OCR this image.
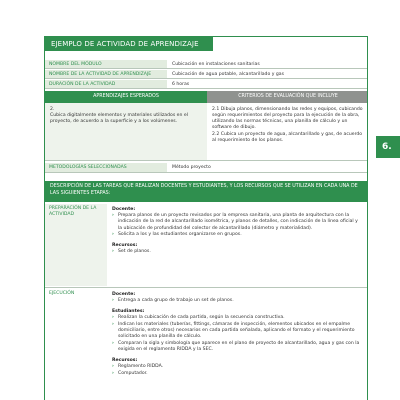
6.
EJEMPLO DE ACTIVIDAD DE APRENDIZAJE
NOMBRE DEL MÓDULO	Cubicación en instalaciones sanitarias
NOMBRE DE LA ACTIVIDAD DE APRENDIZAJE	Cubicación de agua potable, alcantarillado y gas
DURACIÓN DE LA ACTIVIDAD	6 horas
APRENDIZAJES ESPERADOS	CRITERIOS DE EVALUACIÓN QUE INCLUYE
2.
Cubica digitalmente elementos y materiales utilizados en el proyecto, de acuerdo a la superficie y a los volúmenes.

2.1 Dibuja planos, dimensionando las redes y equipos, cubicando según requerimientos del proyecto para la ejecución de la obra, utilizando las normas técnicas, una planilla de cálculo y un software de dibujo.

2.2 Cubica un proyecto de agua, alcantarillado y gas, de acuerdo al requerimiento de los planos.

METODOLOGÍAS SELECCIONADAS	Método proyecto
DESCRIPCIÓN DE LAS TAREAS QUE REALIZAN DOCENTES Y ESTUDIANTES, Y LOS RECURSOS QUE SE UTILIZAN EN CADA UNA DE LAS SIGUIENTES ETAPAS:
PREPARACIÓN DE LA ACTIVIDAD
Docente:
› Prepara planos de un proyecto revisados por la empresa sanitaria, una planta de arquitectura con la indicación de la red de alcantarillado isométrica, y planos de detalles, con indicación de la línea oficial y la ubicación de profundidad del colector de alcantarillado (diámetro y materialidad).
› Solicita a los y las estudiantes organizarse en grupos.
Recursos:
› Set de planos.
EJECUCIÓN	Docente:
› Entrega a cada grupo de trabajo un set de planos.
Estudiantes:
› Realizan la cubicación de cada partida, según la secuencia constructiva.
› Indican los materiales (tuberías, fittings, cámaras de inspección, elementos ubicados en el empalme domiciliario, entre otros) necesarios en cada partida señalada, aplicando el formato y el requerimiento solicitado en una planilla de cálculo.
› Comparan la sigla y simbología que aparece en el plano de proyecto de alcantarillado, agua y gas con la exigida en el reglamento RIDDA y la SEC.
Recursos:
› Reglamento RIDDA.
› Computador.
